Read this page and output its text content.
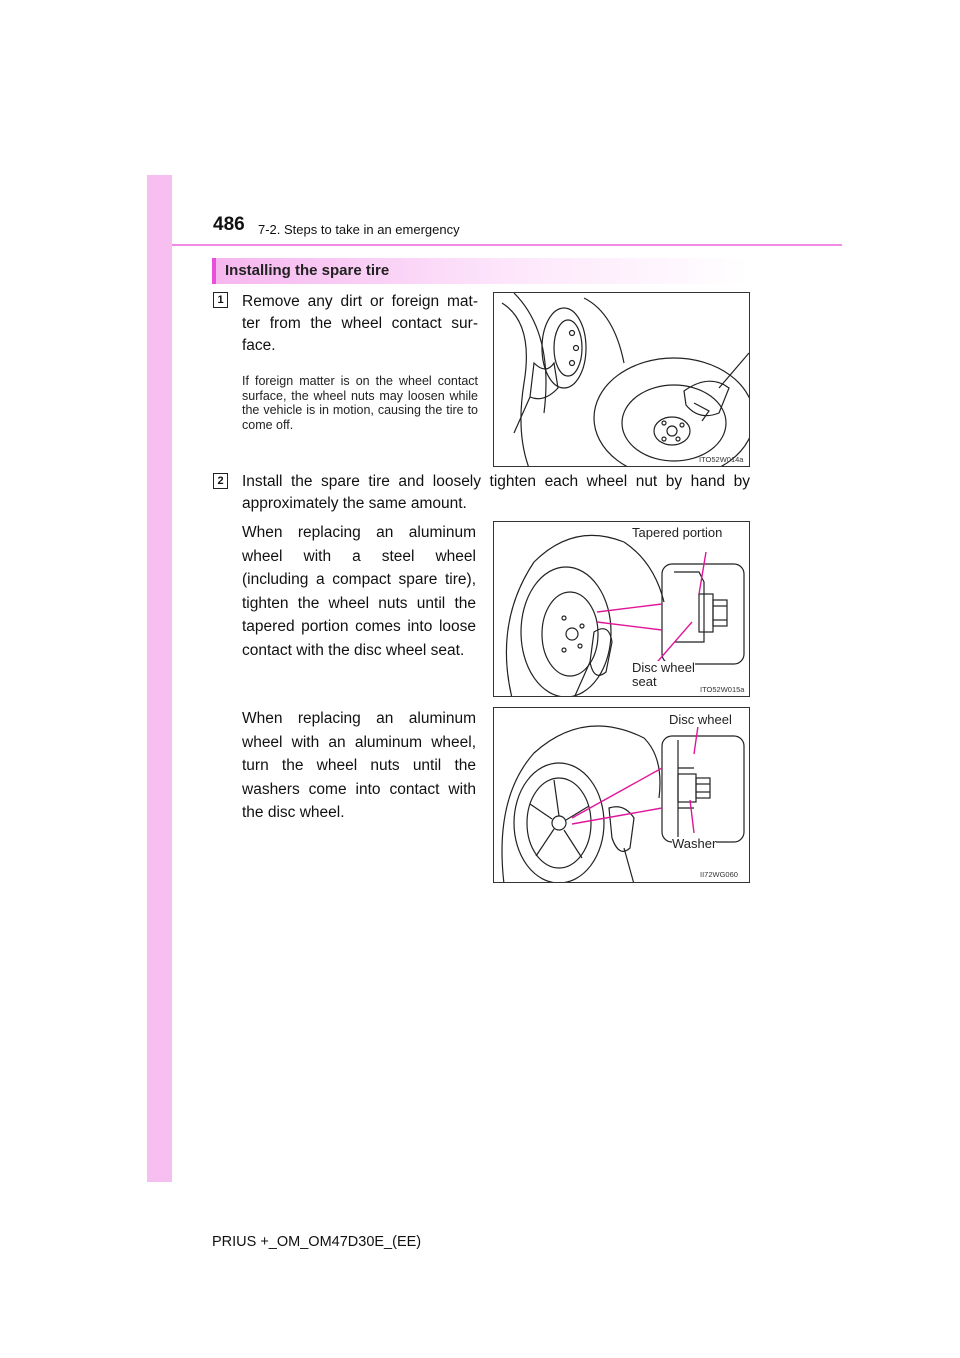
486 7-2. Steps to take in an emergency
Installing the spare tire
1 Remove any dirt or foreign mat-ter from the wheel contact sur-face.
If foreign matter is on the wheel contact surface, the wheel nuts may loosen while the vehicle is in motion, causing the tire to come off.
ITO52W014a
2 Install the spare tire and loosely tighten each wheel nut by hand by approximately the same amount.
When replacing an aluminum wheel with a steel wheel (including a compact spare tire), tighten the wheel nuts until the tapered portion comes into loose contact with the disc wheel seat.
Tapered portion
Disc wheel
seat
ITO52W015a
When replacing an aluminum wheel with an aluminum wheel, turn the wheel nuts until the washers come into contact with the disc wheel.
Disc wheel
Washer
II72WG060
PRIUS +_OM_OM47D30E_(EE)
